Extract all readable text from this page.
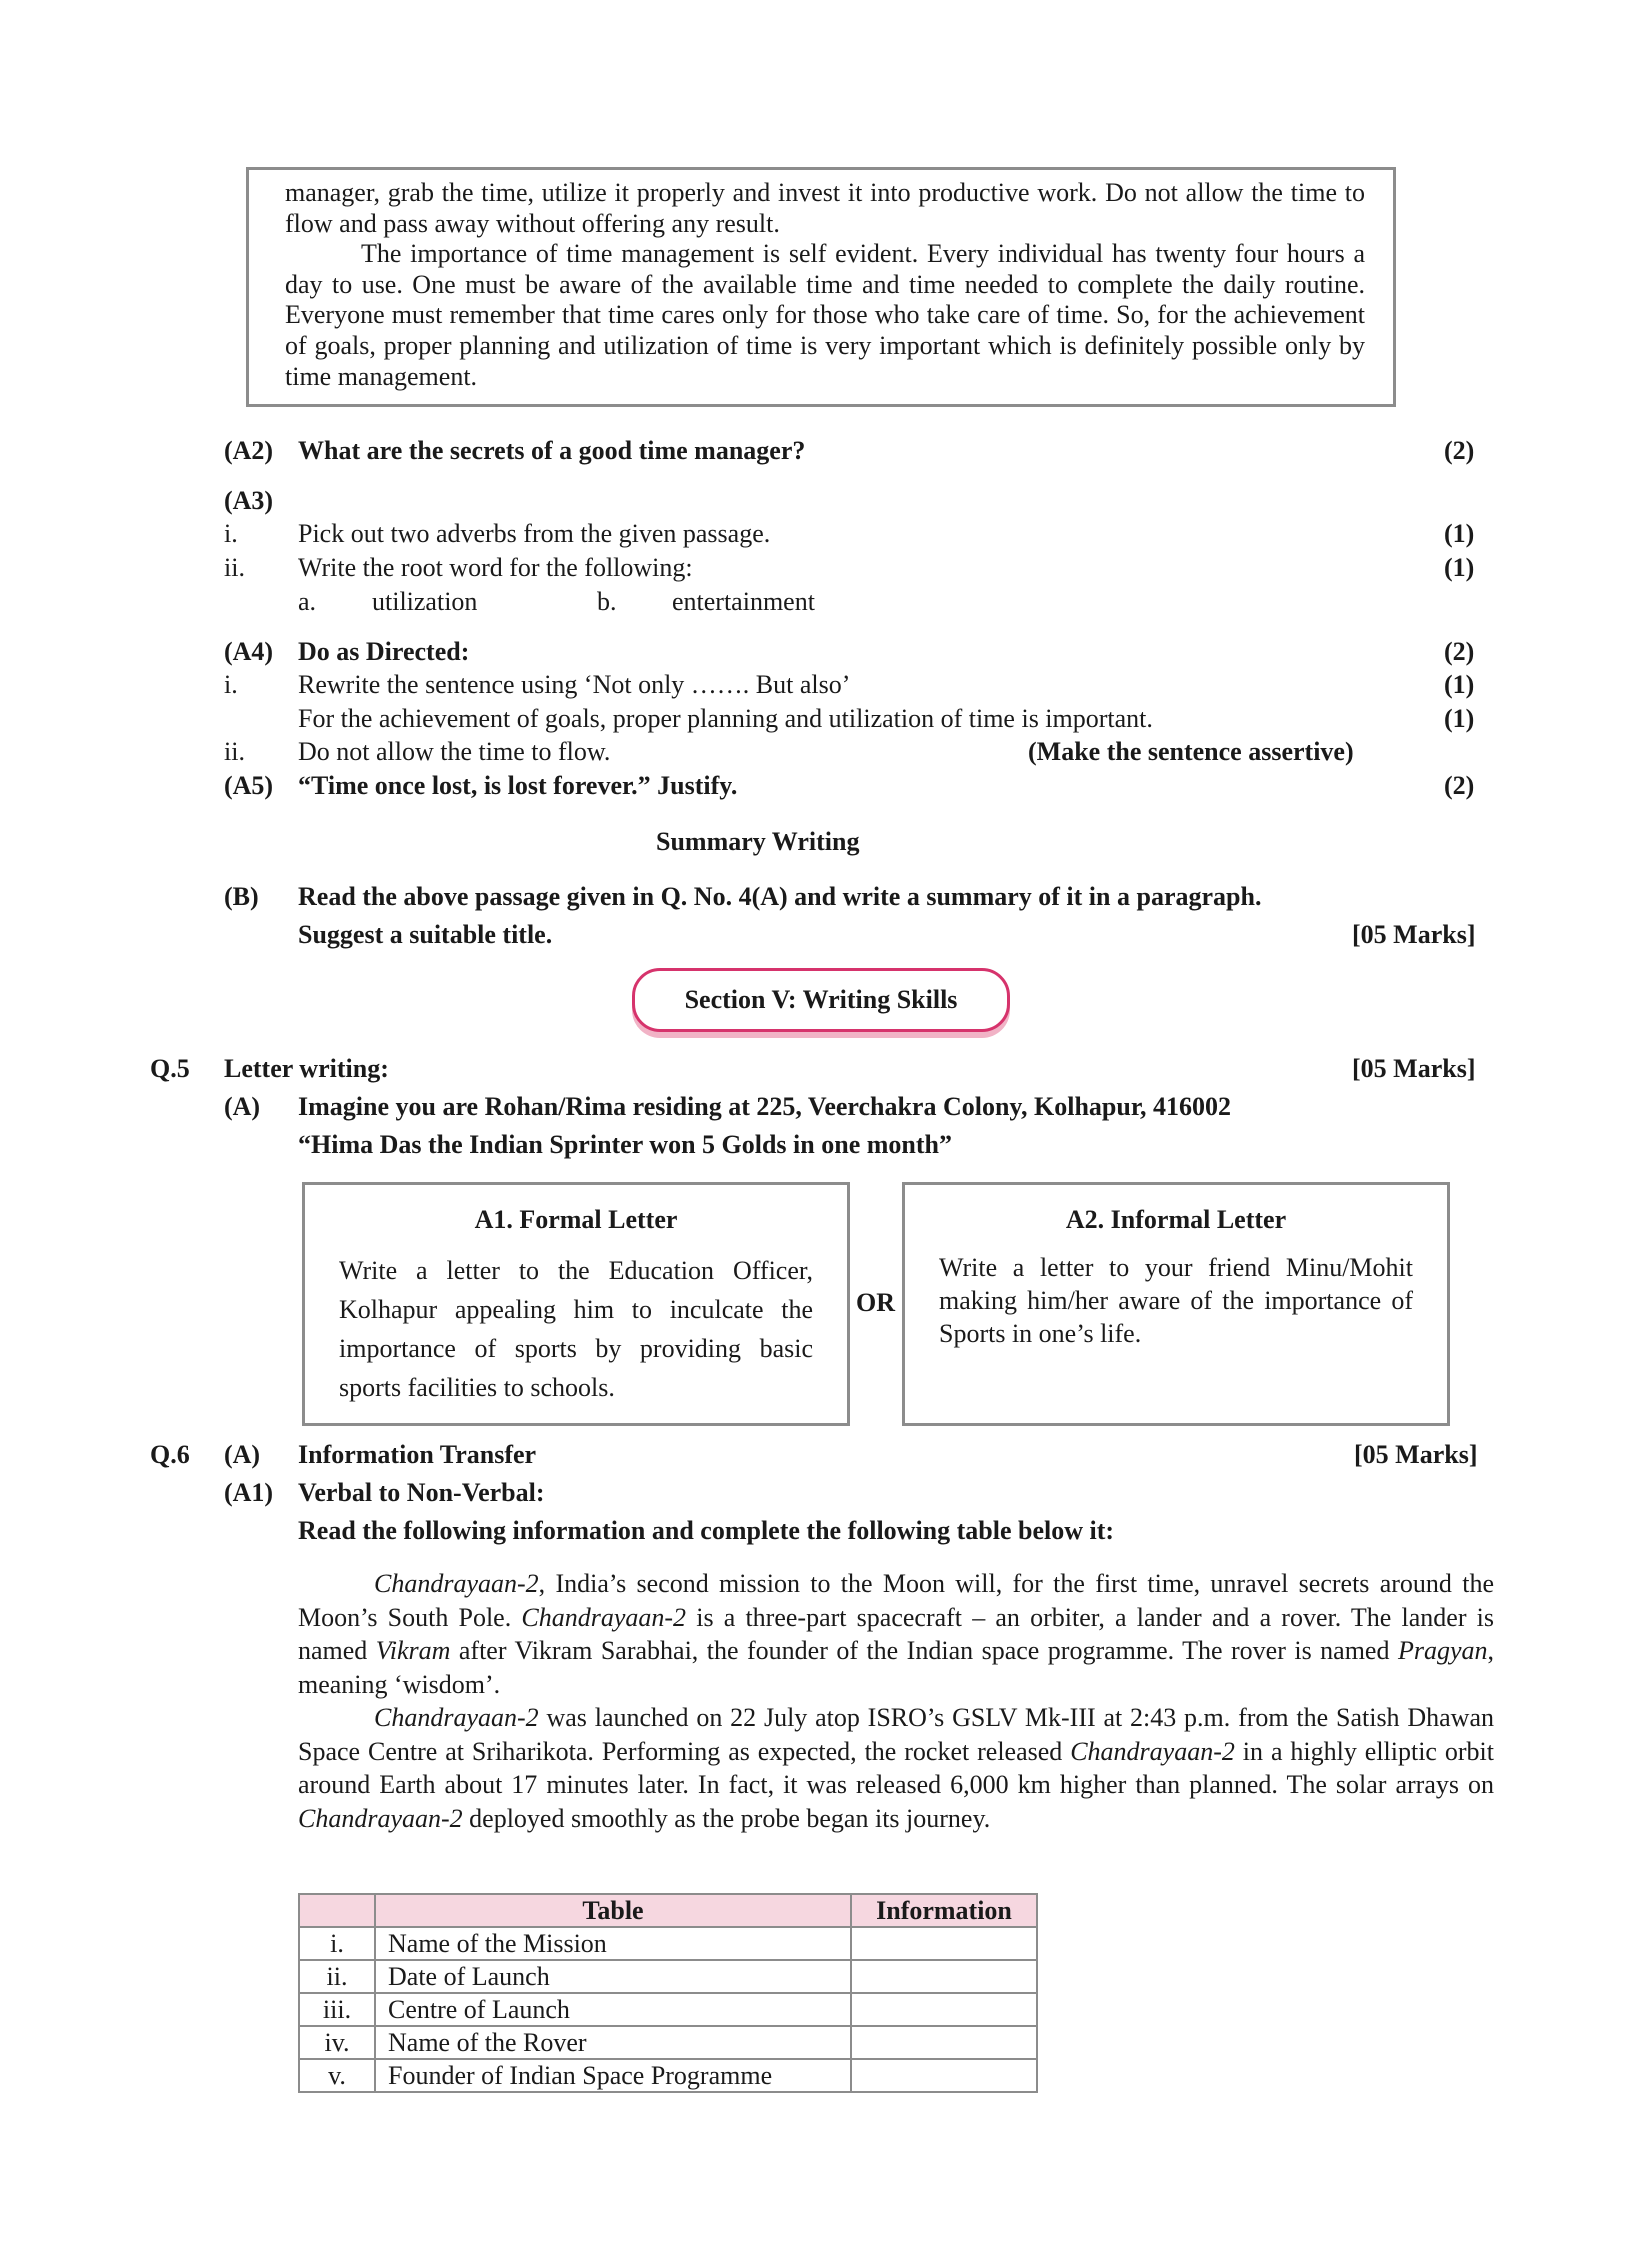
manager, grab the time, utilize it properly and invest it into productive work. Do not allow the time to flow and pass away without offering any result.

The importance of time management is self evident. Every individual has twenty four hours a day to use. One must be aware of the available time and time needed to complete the daily routine. Everyone must remember that time cares only for those who take care of time. So, for the achievement of goals, proper planning and utilization of time is very important which is definitely possible only by time management.

(A2) What are the secrets of a good time manager?	(2)
(A3)
i. Pick out two adverbs from the given passage.	(1)
ii. Write the root word for the following:	(1)
a. utilization	b. entertainment
(A4) Do as Directed:	(2)
i. Rewrite the sentence using ‘Not only ……. But also’	(1)
For the achievement of goals, proper planning and utilization of time is important.	(1)
ii. Do not allow the time to flow.	(Make the sentence assertive)
(A5) “Time once lost, is lost forever.” Justify.	(2)
Summary Writing
(B) Read the above passage given in Q. No. 4(A) and write a summary of it in a paragraph.
Suggest a suitable title.	[05 Marks]
Section V: Writing Skills
Q.5 Letter writing:	[05 Marks]
(A) Imagine you are Rohan/Rima residing at 225, Veerchakra Colony, Kolhapur, 416002
“Hima Das the Indian Sprinter won 5 Golds in one month”
A1. Formal Letter
Write a letter to the Education Officer, Kolhapur appealing him to inculcate the importance of sports by providing basic sports facilities to schools.
OR
A2. Informal Letter
Write a letter to your friend Minu/Mohit making him/her aware of the importance of Sports in one’s life.
Q.6 (A) Information Transfer	[05 Marks]
(A1) Verbal to Non-Verbal:
Read the following information and complete the following table below it:

Chandrayaan-2, India’s second mission to the Moon will, for the first time, unravel secrets around the Moon’s South Pole. Chandrayaan-2 is a three-part spacecraft – an orbiter, a lander and a rover. The lander is named Vikram after Vikram Sarabhai, the founder of the Indian space programme. The rover is named Pragyan, meaning ‘wisdom’.

Chandrayaan-2 was launched on 22 July atop ISRO’s GSLV Mk-III at 2:43 p.m. from the Satish Dhawan Space Centre at Sriharikota. Performing as expected, the rocket released Chandrayaan-2 in a highly elliptic orbit around Earth about 17 minutes later. In fact, it was released 6,000 km higher than planned. The solar arrays on Chandrayaan-2 deployed smoothly as the probe began its journey.

	Table	Information
i.	Name of the Mission	
ii.	Date of Launch	
iii.	Centre of Launch	
iv.	Name of the Rover	
v.	Founder of Indian Space Programme	
